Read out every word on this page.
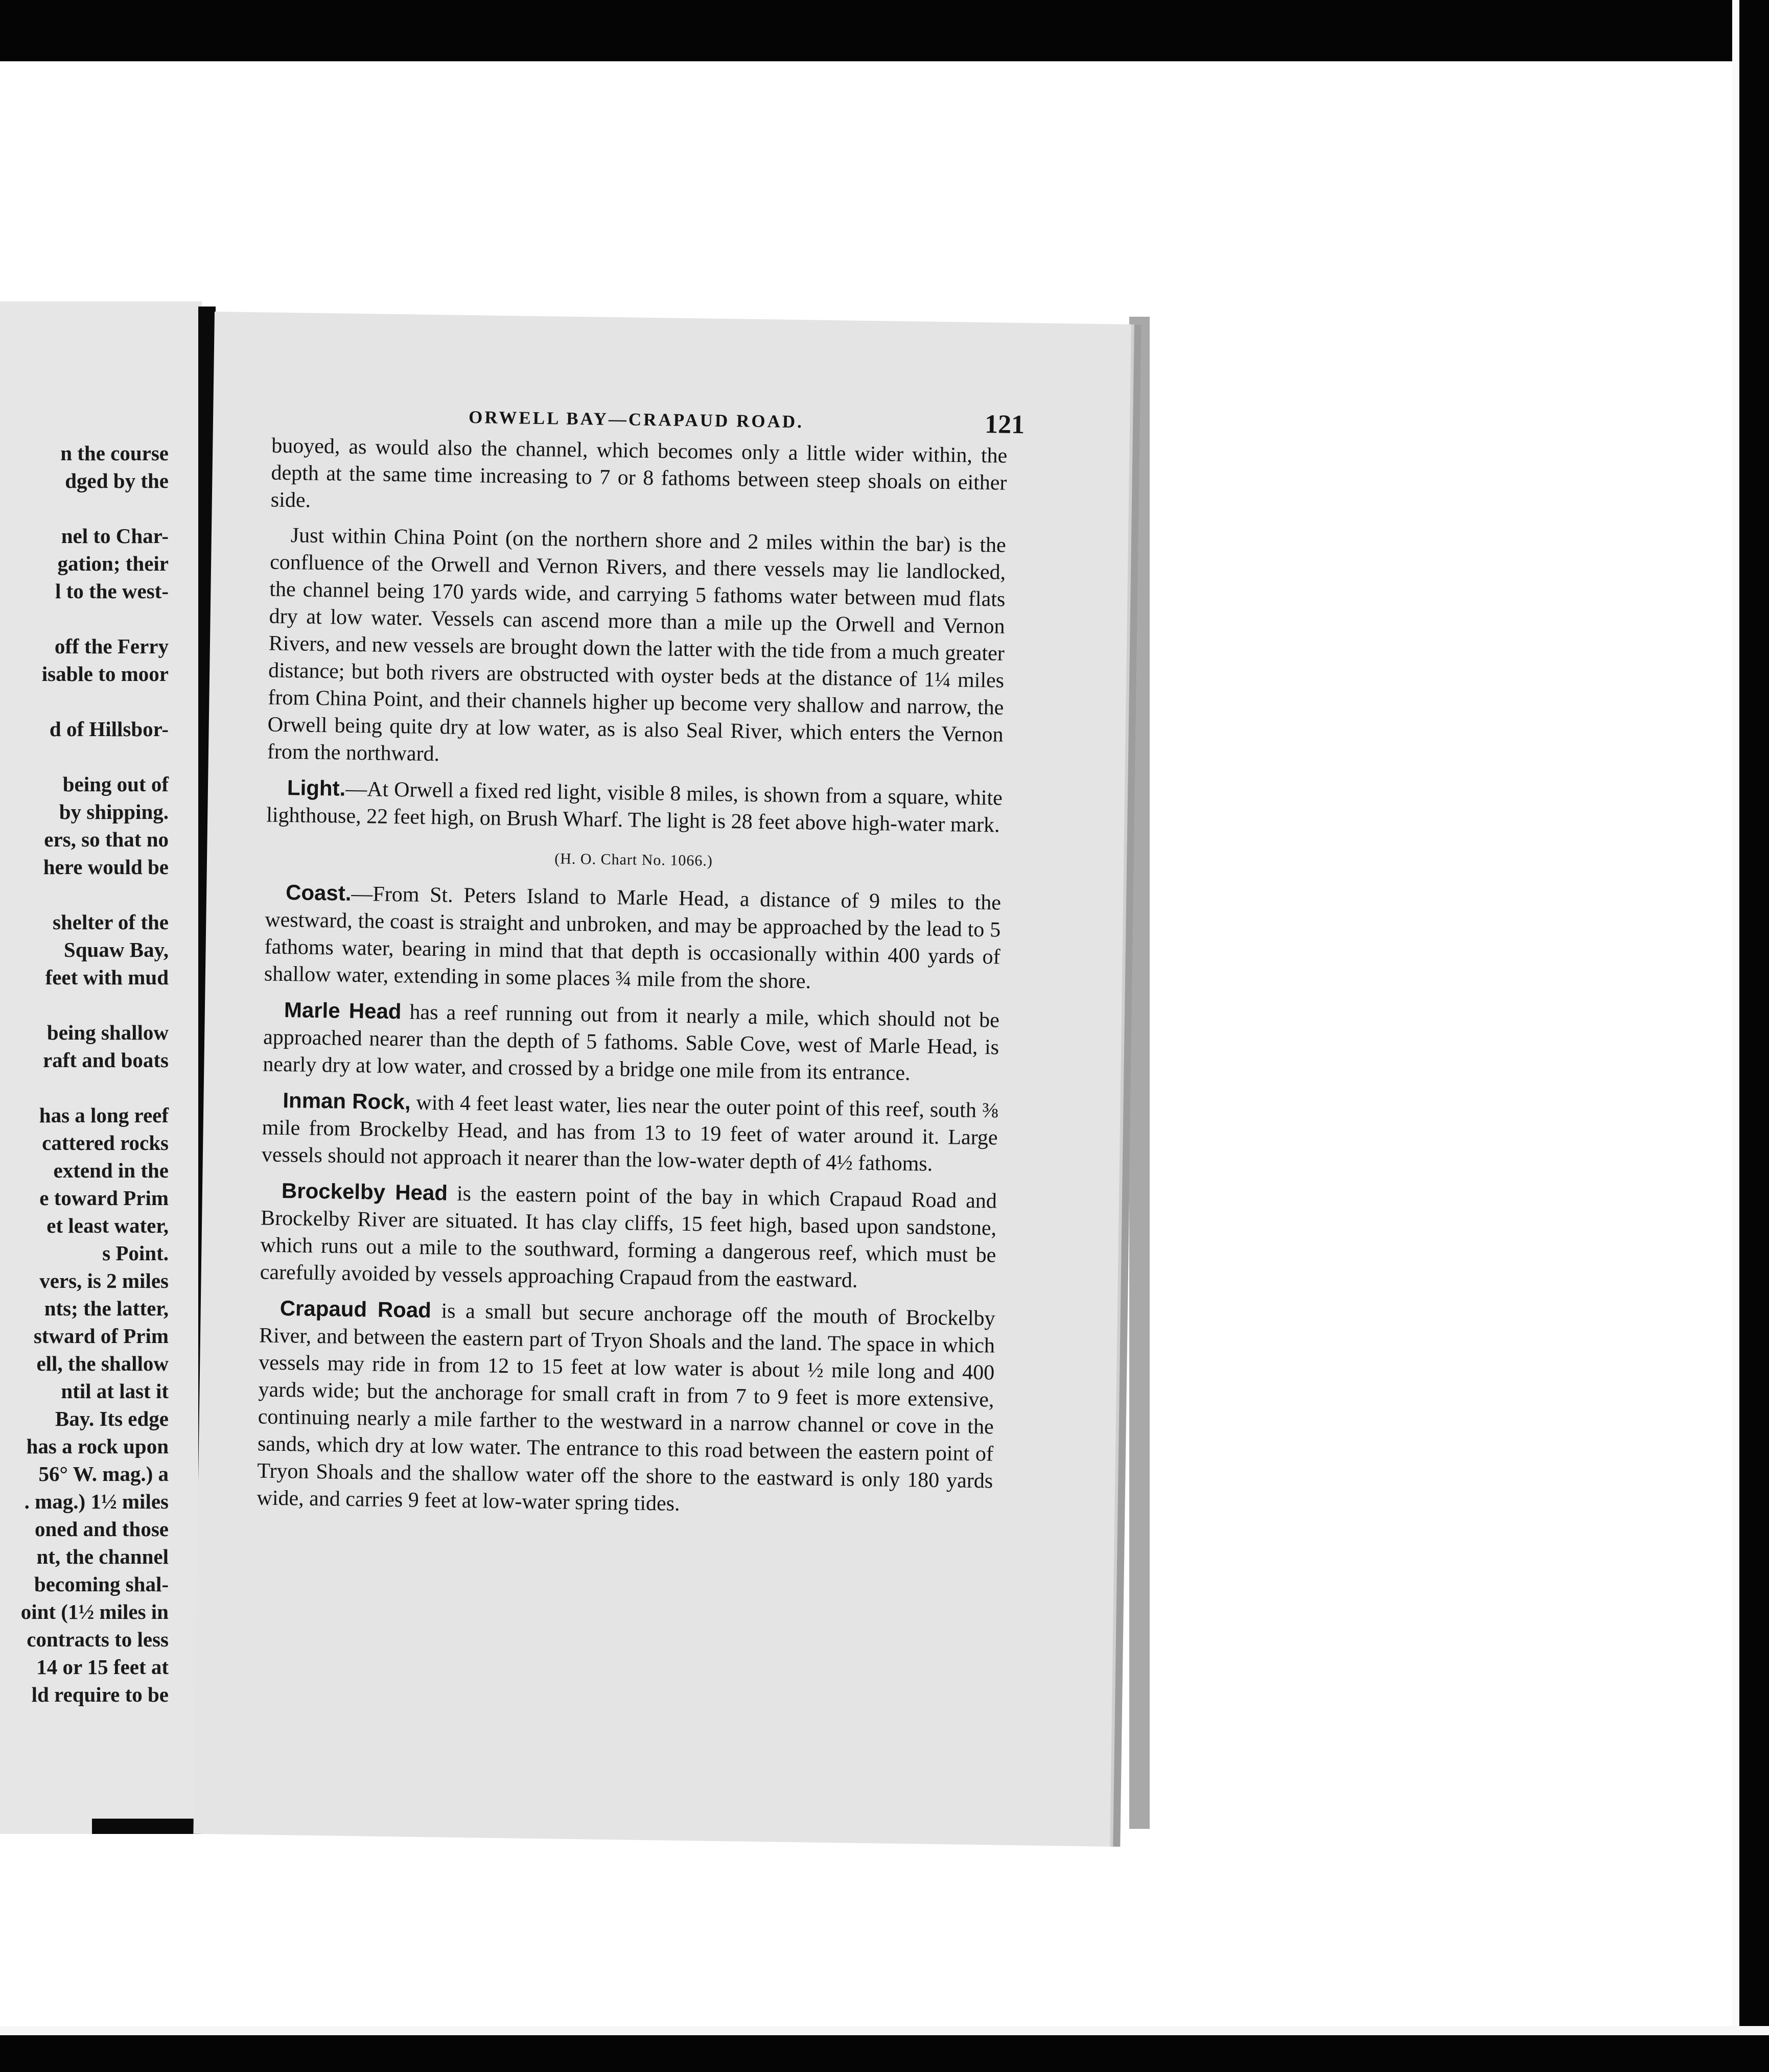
n the course
dged by the
nel to Char-
gation; their
l to the west-
off the Ferry
isable to moor
d of Hillsbor-
being out of
by shipping.
ers, so that no
here would be
shelter of the
Squaw Bay,
feet with mud
being shallow
raft and boats
has a long reef
cattered rocks
extend in the
e toward Prim
et least water,
s Point.
vers, is 2 miles
nts; the latter,
stward of Prim
ell, the shallow
ntil at last it
Bay. Its edge
has a rock upon
56° W. mag.) a
. mag.) 1½ miles
oned and those
nt, the channel
becoming shal-
oint (1½ miles in
contracts to less
14 or 15 feet at
ld require to be
ORWELL BAY—CRAPAUD ROAD.	121

buoyed, as would also the channel, which becomes only a little wider within, the depth at the same time increasing to 7 or 8 fathoms between steep shoals on either side.

Just within China Point (on the northern shore and 2 miles within the bar) is the confluence of the Orwell and Vernon Rivers, and there vessels may lie landlocked, the channel being 170 yards wide, and carrying 5 fathoms water between mud flats dry at low water. Vessels can ascend more than a mile up the Orwell and Vernon Rivers, and new vessels are brought down the latter with the tide from a much greater distance; but both rivers are obstructed with oyster beds at the distance of 1¼ miles from China Point, and their channels higher up become very shallow and narrow, the Orwell being quite dry at low water, as is also Seal River, which enters the Vernon from the northward.

Light.—At Orwell a fixed red light, visible 8 miles, is shown from a square, white lighthouse, 22 feet high, on Brush Wharf. The light is 28 feet above high-water mark.

(H. O. Chart No. 1066.)

Coast.—From St. Peters Island to Marle Head, a distance of 9 miles to the westward, the coast is straight and unbroken, and may be approached by the lead to 5 fathoms water, bearing in mind that that depth is occasionally within 400 yards of shallow water, extending in some places ¾ mile from the shore.

Marle Head has a reef running out from it nearly a mile, which should not be approached nearer than the depth of 5 fathoms. Sable Cove, west of Marle Head, is nearly dry at low water, and crossed by a bridge one mile from its entrance.

Inman Rock, with 4 feet least water, lies near the outer point of this reef, south ⅜ mile from Brockelby Head, and has from 13 to 19 feet of water around it. Large vessels should not approach it nearer than the low-water depth of 4½ fathoms.

Brockelby Head is the eastern point of the bay in which Crapaud Road and Brockelby River are situated. It has clay cliffs, 15 feet high, based upon sandstone, which runs out a mile to the southward, forming a dangerous reef, which must be carefully avoided by vessels approaching Crapaud from the eastward.

Crapaud Road is a small but secure anchorage off the mouth of Brockelby River, and between the eastern part of Tryon Shoals and the land. The space in which vessels may ride in from 12 to 15 feet at low water is about ½ mile long and 400 yards wide; but the anchorage for small craft in from 7 to 9 feet is more extensive, continuing nearly a mile farther to the westward in a narrow channel or cove in the sands, which dry at low water. The entrance to this road between the eastern point of Tryon Shoals and the shallow water off the shore to the eastward is only 180 yards wide, and carries 9 feet at low-water spring tides.
